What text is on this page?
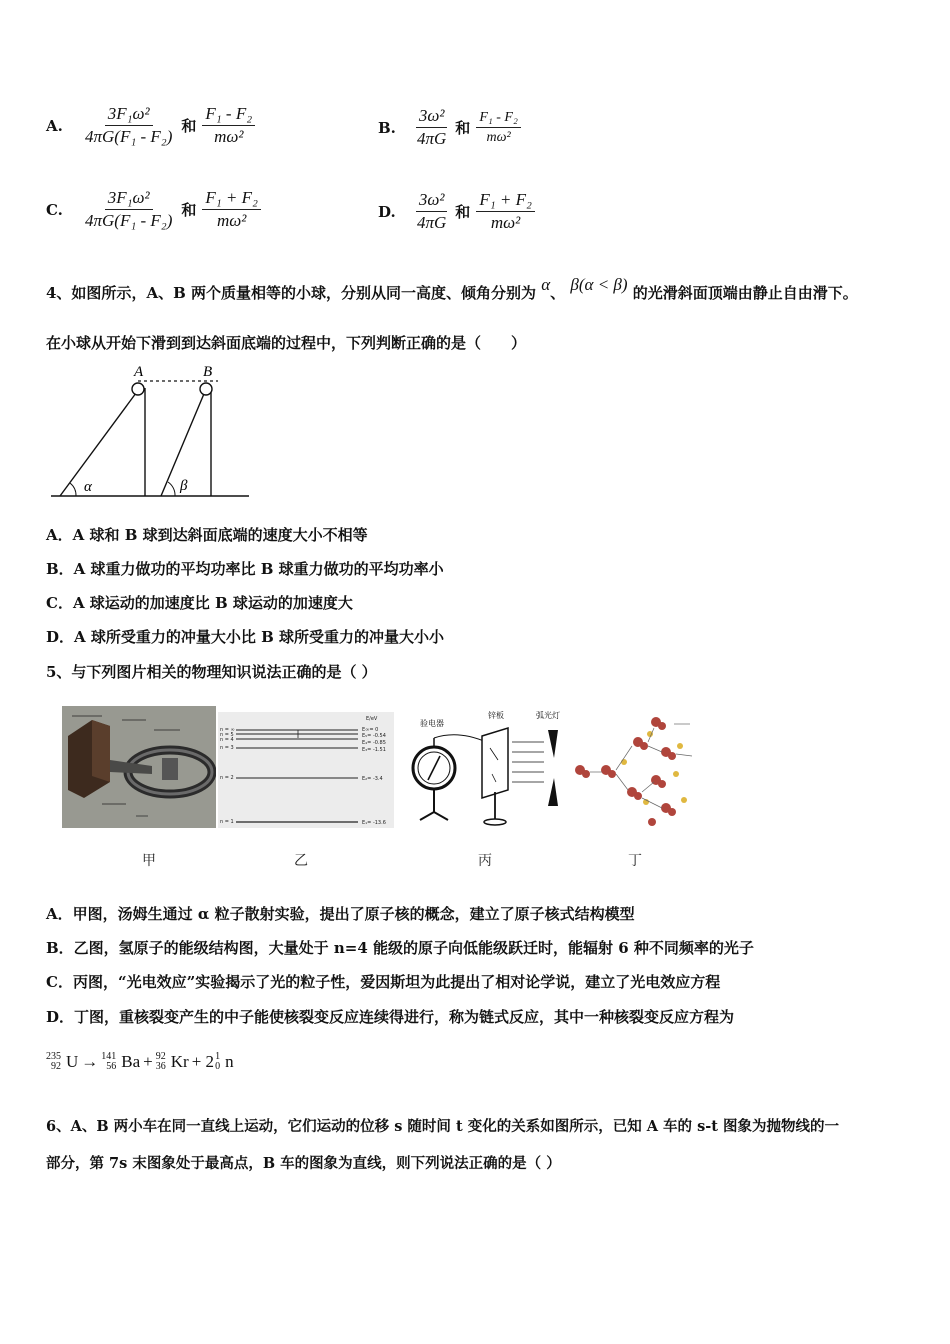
A.	$\frac{\text{3F₁ω²}}{\text{4πG(F₁ - F₂)}}$ 和 $\frac{\text{F₁ - F₂}}{\text{mω²}}$	B.	$\frac{\text{3ω²}}{4\pi G}$ 和 $\frac{\text{F₁ - F₂}}{\text{mω²}}$
C.	$\frac{\text{3F₁ω²}}{\text{4πG(F₁ - F₂)}}$ 和 $\frac{\text{F₁ + F₂}}{\text{mω²}}$	D.	$\frac{\text{3ω²}}{4\pi G}$ 和 $\frac{\text{F₁ + F₂}}{\text{mω²}}$
4、如图所示，A、B 两个质量相等的小球，分别从同一高度、倾角分别为 α、 β(α < β) 的光滑斜面顶端由静止自由滑下。
在小球从开始下滑到到达斜面底端的过程中，下列判断正确的是（　　）
A	B
α	β
A．A 球和 B 球到达斜面底端的速度大小不相等
B．A 球重力做功的平均功率比 B 球重力做功的平均功率小
C．A 球运动的加速度比 B 球运动的加速度大
D．A 球所受重力的冲量大小比 B 球所受重力的冲量大小小
5、与下列图片相关的物理知识说法正确的是（ ）
E/eV
n = ∞	E∞= 0
n = 5	E₅= -0.54
n = 4	E₄= -0.85
n = 3	E₃= -1.51
n = 2	E₂= -3.4
n = 1	E₁= -13.6
验电器
锌板	弧光灯
甲	乙	丙	丁
A．甲图，汤姆生通过 α 粒子散射实验，提出了原子核的概念，建立了原子核式结构模型
B．乙图，氢原子的能级结构图，大量处于 n=4 能级的原子向低能级跃迁时，能辐射 6 种不同频率的光子
C．丙图，“光电效应”实验揭示了光的粒子性，爱因斯坦为此提出了相对论学说，建立了光电效应方程
D．丁图，重核裂变产生的中子能使核裂变反应连续得进行，称为链式反应，其中一种核裂变反应方程为
235
92 U → 141
56 Ba + 92
36 Kr + 2 1
0 n
6、A、B 两小车在同一直线上运动，它们运动的位移 s 随时间 t 变化的关系如图所示，已知 A 车的 s-t 图象为抛物线的一
部分，第 7s 末图象处于最高点，B 车的图象为直线，则下列说法正确的是（ ）
